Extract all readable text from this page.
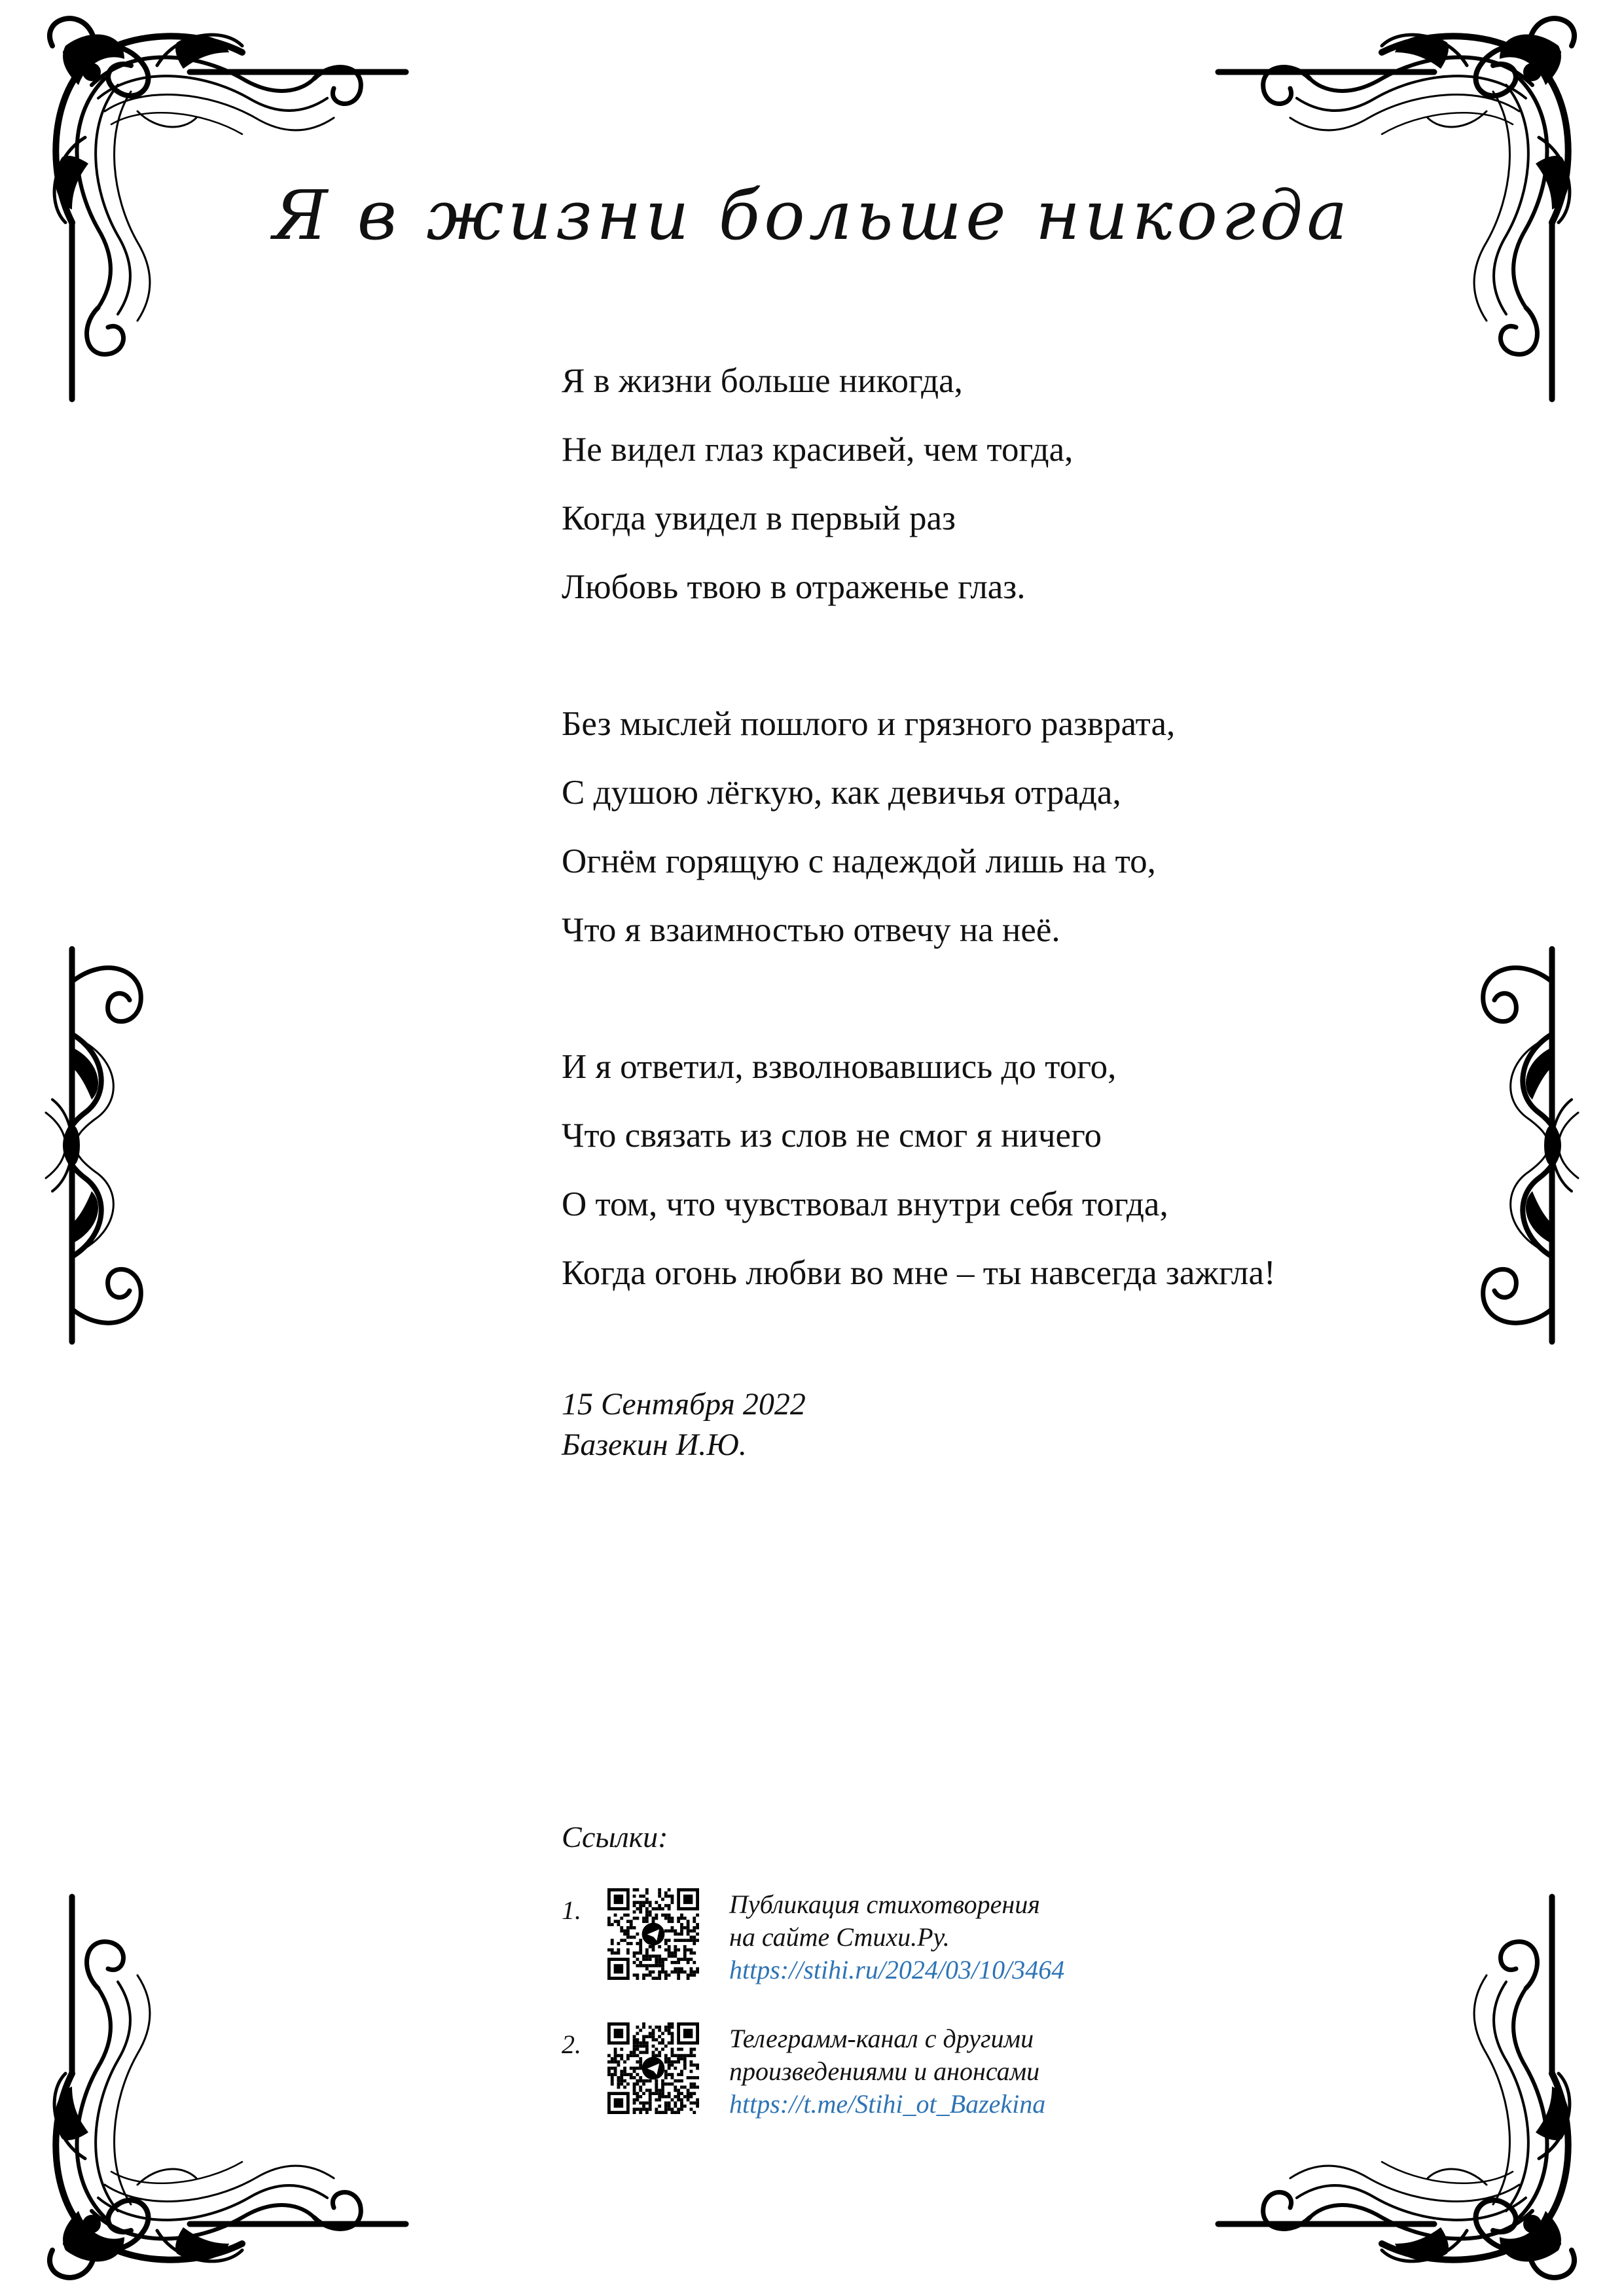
Я в жизни больше никогда
Я в жизни больше никогда,
Не видел глаз красивей, чем тогда,
Когда увидел в первый раз
Любовь твою в отраженье глаз.
Без мыслей пошлого и грязного разврата,
С душою лёгкую, как девичья отрада,
Огнём горящую с надеждой лишь на то,
Что я взаимностью отвечу на неё.
И я ответил, взволновавшись до того,
Что связать из слов не смог я ничего
О том, что чувствовал внутри себя тогда,
Когда огонь любви во мне – ты навсегда зажгла!
15 Сентября 2022
Базекин И.Ю.
Ссылки:
1.	Публикация стихотворения
на сайте Стихи.Ру.
https://stihi.ru/2024/03/10/3464
2.	Телеграмм-канал с другими
произведениями и анонсами
https://t.me/Stihi_ot_Bazekina
